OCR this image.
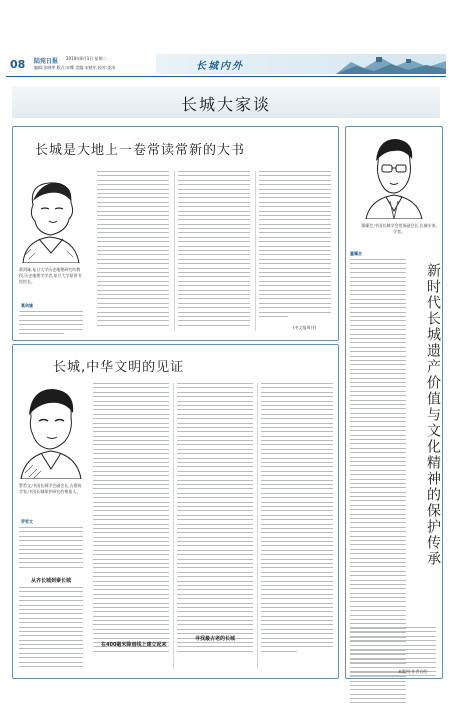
08 陆宛日报
编辑:张晓华 版式:宋娜 美编:宋晓军 校对:姜涛
2019年8月1日 星期二
长城内外
长城大家谈
长城是大地上一卷常读常新的大书
葛剑雄,复旦大学历史地理研究所教授,历史地理学学者,复旦大学原图书馆馆长。
葛剑雄
(中文报周刊)
长城,中华文明的见证
罗哲文,中国长城学会副会长,古建筑学家,中国长城保护研究的奠基人。
罗哲文
从齐长城到秦长城
在400毫米降雨线上建立起来
寻找最古老的长城
董耀会,中国长城学会常务副会长,长城专家,学者。
董耀会
新时代长城遗产价值与文化精神的保护传承
本版图:作者自绘
